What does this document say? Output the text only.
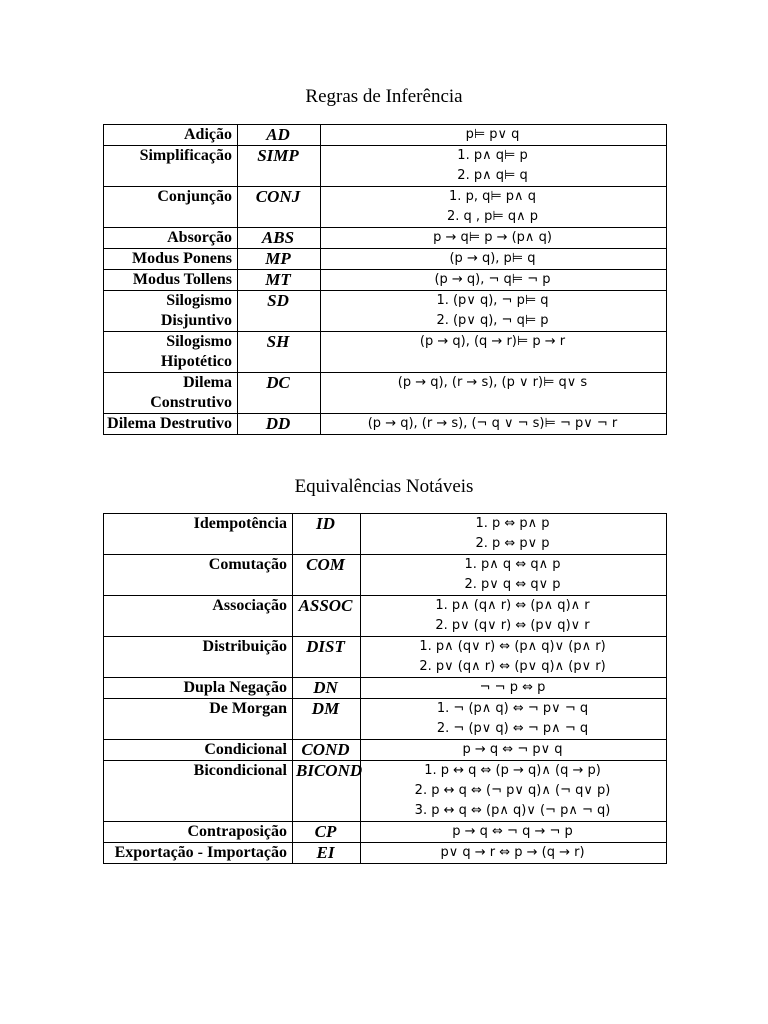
Regras de Inferência
Adição	AD	p⊨ p∨ q

Simplificação	SIMP	1. p∧ q⊨ p
2. p∧ q⊨ q

Conjunção	CONJ	1. p, q⊨ p∧ q
2. q , p⊨ q∧ p

Absorção	ABS	p → q⊨ p → (p∧ q)

Modus Ponens	MP	(p → q), p⊨ q

Modus Tollens	MT	(p → q), ¬ q⊨ ¬ p

Silogismo Disjuntivo	SD	1. (p∨ q), ¬ p⊨ q
2. (p∨ q), ¬ q⊨ p

Silogismo Hipotético	SH	(p → q), (q → r)⊨ p → r

Dilema Construtivo	DC	(p → q), (r → s), (p ∨ r)⊨ q∨ s

Dilema Destrutivo	DD	(p → q), (r → s), (¬ q ∨ ¬ s)⊨ ¬ p∨ ¬ r
Equivalências Notáveis
Idempotência	ID	1. p ⇔ p∧ p
2. p ⇔ p∨ p

Comutação	COM	1. p∧ q ⇔ q∧ p
2. p∨ q ⇔ q∨ p

Associação	ASSOC	1. p∧ (q∧ r) ⇔ (p∧ q)∧ r
2. p∨ (q∨ r) ⇔ (p∨ q)∨ r

Distribuição	DIST	1. p∧ (q∨ r) ⇔ (p∧ q)∨ (p∧ r)
2. p∨ (q∧ r) ⇔ (p∨ q)∧ (p∨ r)

Dupla Negação	DN	¬ ¬ p ⇔ p

De Morgan	DM	1. ¬ (p∧ q) ⇔ ¬ p∨ ¬ q
2. ¬ (p∨ q) ⇔ ¬ p∧ ¬ q

Condicional	COND	p → q ⇔ ¬ p∨ q

Bicondicional	BICOND	1. p ↔ q ⇔ (p → q)∧ (q → p)
2. p ↔ q ⇔ (¬ p∨ q)∧ (¬ q∨ p)
3. p ↔ q ⇔ (p∧ q)∨ (¬ p∧ ¬ q)

Contraposição	CP	p → q ⇔ ¬ q → ¬ p

Exportação - Importação	EI	p∨ q → r ⇔ p → (q → r)
